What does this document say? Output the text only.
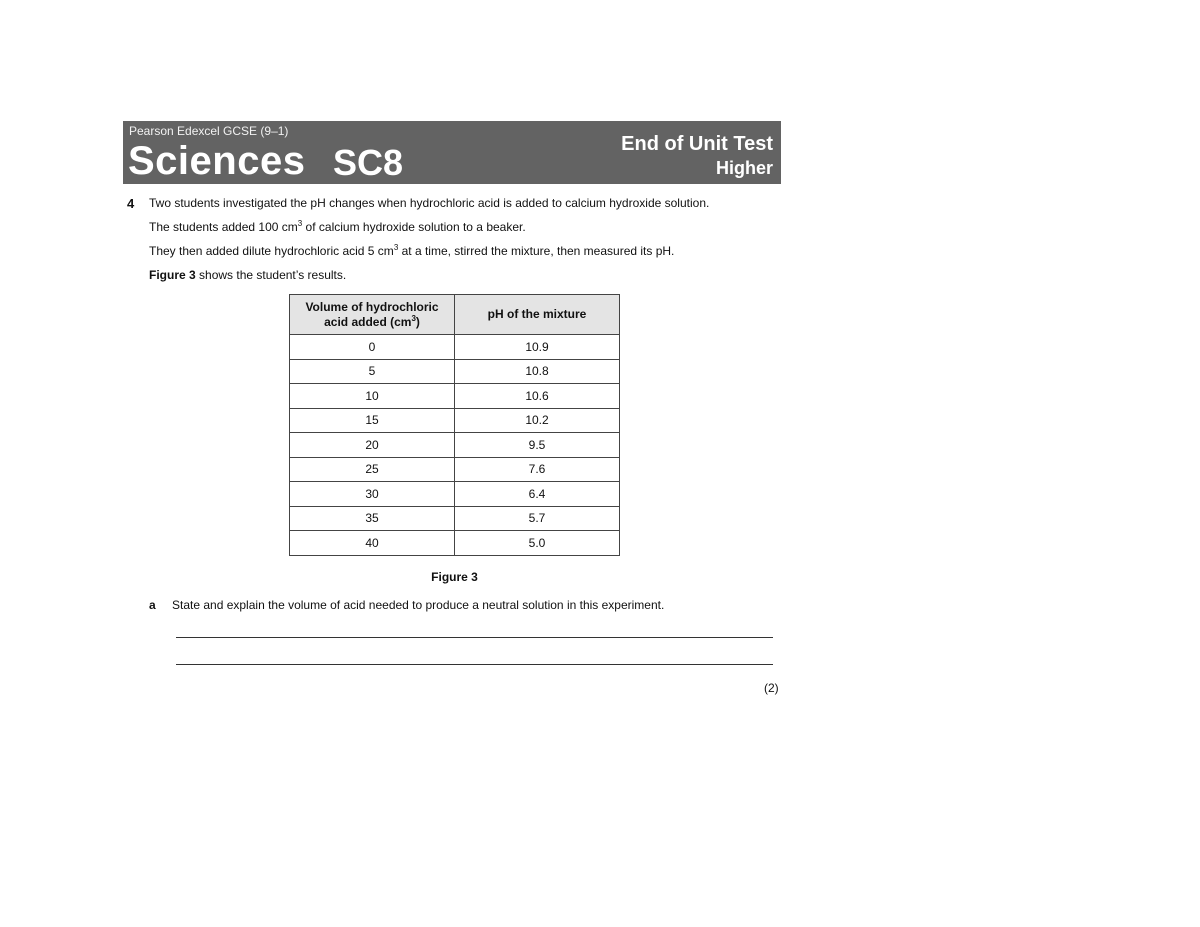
Pearson Edexcel GCSE (9–1)
Sciences SC8	End of Unit Test
Higher
4 Two students investigated the pH changes when hydrochloric acid is added to calcium hydroxide solution.
The students added 100 $cm^3$ of calcium hydroxide solution to a beaker.
They then added dilute hydrochloric acid 5 $cm^3$ at a time, stirred the mixture, then measured its pH.
Figure 3 shows the student’s results.
Volume of hydrochloric
acid added $(cm^3)$	pH of the mixture
0	10.9
5	10.8
10	10.6
15	10.2
20	9.5
25	7.6
30	6.4
35	5.7
40	5.0
Figure 3
a State and explain the volume of acid needed to produce a neutral solution in this experiment.
(2)
